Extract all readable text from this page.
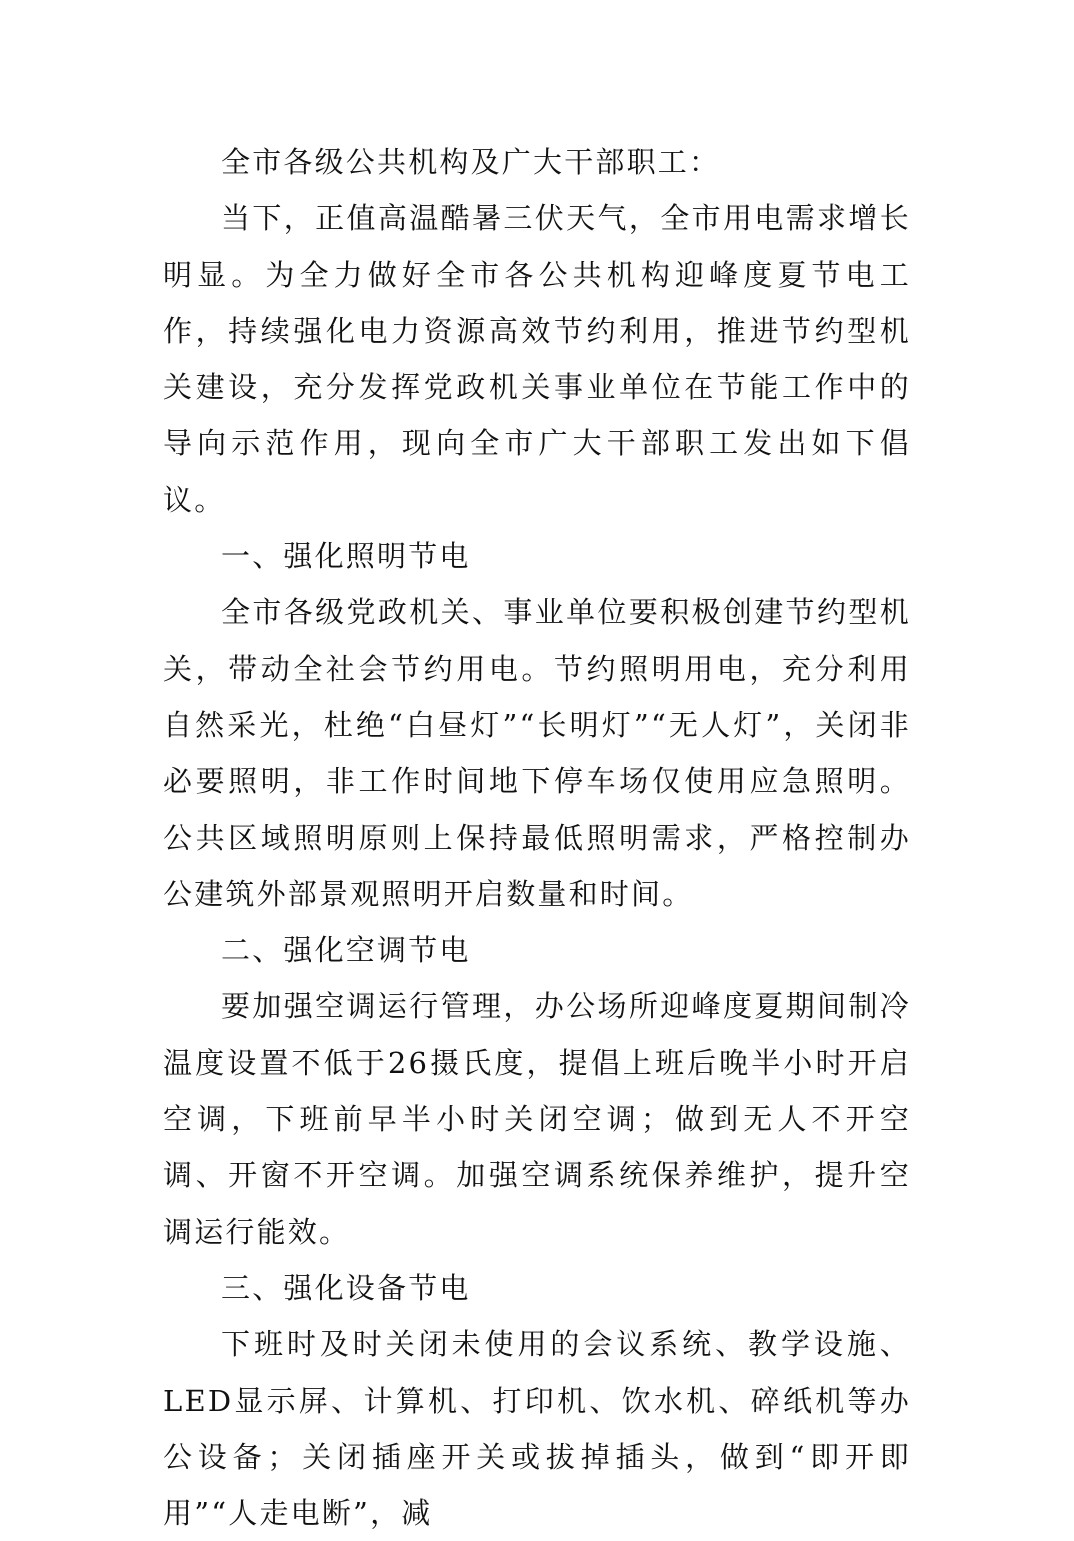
全市各级公共机构及广大干部职工：

当下，正值高温酷暑三伏天气，全市用电需求增长明显。为全力做好全市各公共机构迎峰度夏节电工作，持续强化电力资源高效节约利用，推进节约型机关建设，充分发挥党政机关事业单位在节能工作中的导向示范作用，现向全市广大干部职工发出如下倡议。

一、强化照明节电

全市各级党政机关、事业单位要积极创建节约型机关，带动全社会节约用电。节约照明用电，充分利用自然采光，杜绝“白昼灯”“长明灯”“无人灯”，关闭非必要照明，非工作时间地下停车场仅使用应急照明。公共区域照明原则上保持最低照明需求，严格控制办公建筑外部景观照明开启数量和时间。

二、强化空调节电

要加强空调运行管理，办公场所迎峰度夏期间制冷温度设置不低于26摄氏度，提倡上班后晚半小时开启空调，下班前早半小时关闭空调；做到无人不开空调、开窗不开空调。加强空调系统保养维护，提升空调运行能效。

三、强化设备节电

下班时及时关闭未使用的会议系统、教学设施、LED显示屏、计算机、打印机、饮水机、碎纸机等办公设备；关闭插座开关或拔掉插头，做到“即开即用”“人走电断”，减
